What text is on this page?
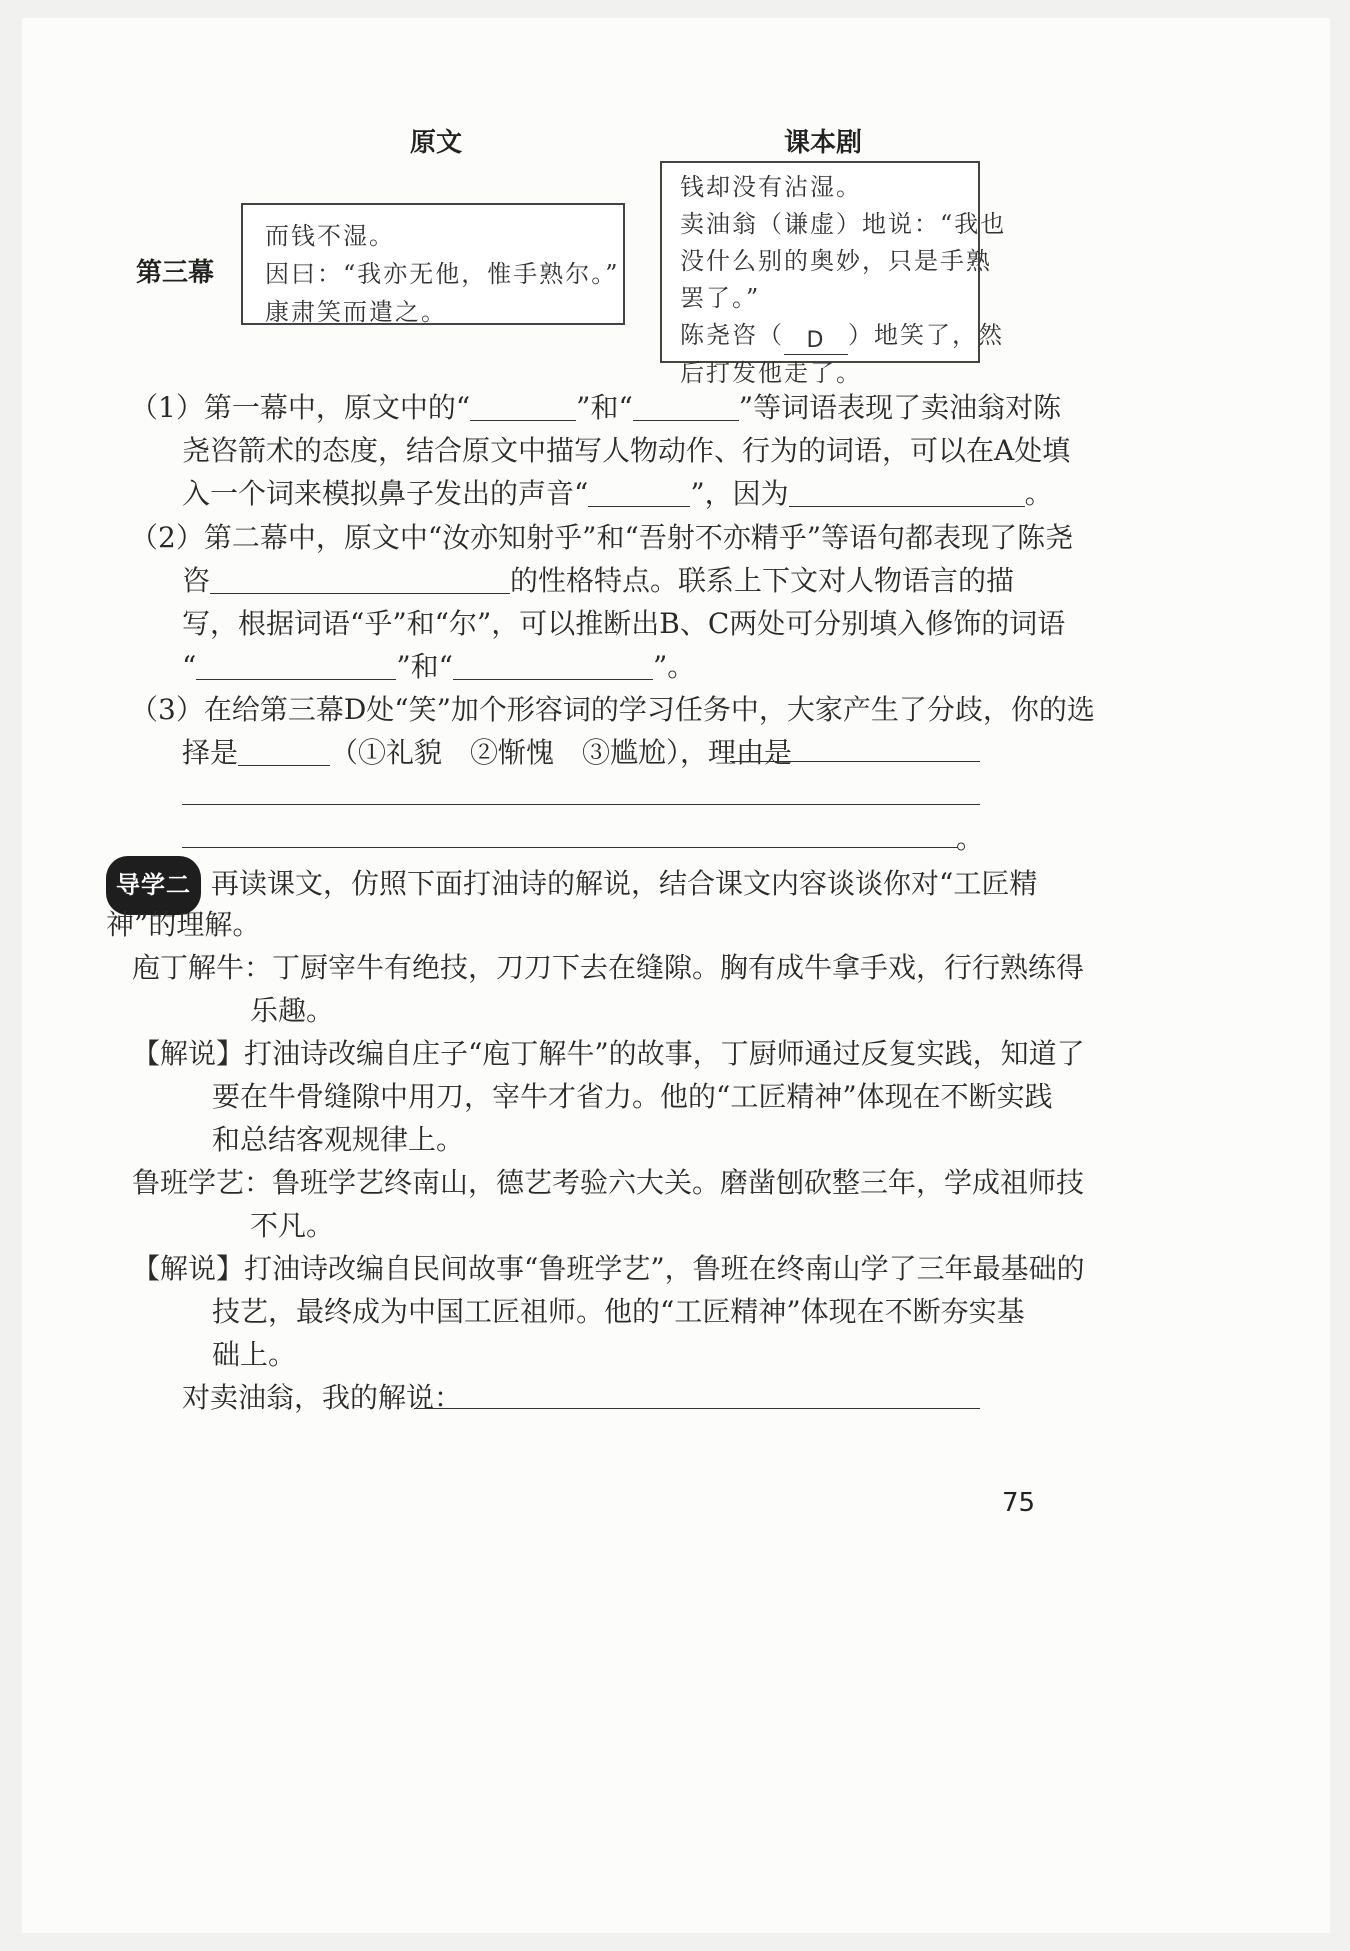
原文	课本剧
第三幕
而钱不湿。
因曰：“我亦无他，惟手熟尔。”
康肃笑而遣之。
钱却没有沾湿。
卖油翁（谦虚）地说：“我也
没什么别的奥妙，只是手熟
罢了。”
陈尧咨（ D ）地笑了，然
后打发他走了。
（1）第一幕中，原文中的“	”和“	”等词语表现了卖油翁对陈
尧咨箭术的态度，结合原文中描写人物动作、行为的词语，可以在A处填
入一个词来模拟鼻子发出的声音“	”，因为	。
（2）第二幕中，原文中“汝亦知射乎”和“吾射不亦精乎”等语句都表现了陈尧
咨	的性格特点。联系上下文对人物语言的描
写，根据词语“乎”和“尔”，可以推断出B、C两处可分别填入修饰的词语
“	”和“	”。
（3）在给第三幕D处“笑”加个形容词的学习任务中，大家产生了分歧，你的选
择是	（①礼貌　②惭愧　③尴尬），理由是
。
导学二 再读课文，仿照下面打油诗的解说，结合课文内容谈谈你对“工匠精
神”的理解。
庖丁解牛：丁厨宰牛有绝技，刀刀下去在缝隙。胸有成牛拿手戏，行行熟练得
乐趣。
【解说】打油诗改编自庄子“庖丁解牛”的故事，丁厨师通过反复实践，知道了
要在牛骨缝隙中用刀，宰牛才省力。他的“工匠精神”体现在不断实践
和总结客观规律上。
鲁班学艺：鲁班学艺终南山，德艺考验六大关。磨凿刨砍整三年，学成祖师技
不凡。
【解说】打油诗改编自民间故事“鲁班学艺”，鲁班在终南山学了三年最基础的
技艺，最终成为中国工匠祖师。他的“工匠精神”体现在不断夯实基
础上。
对卖油翁，我的解说：
75
